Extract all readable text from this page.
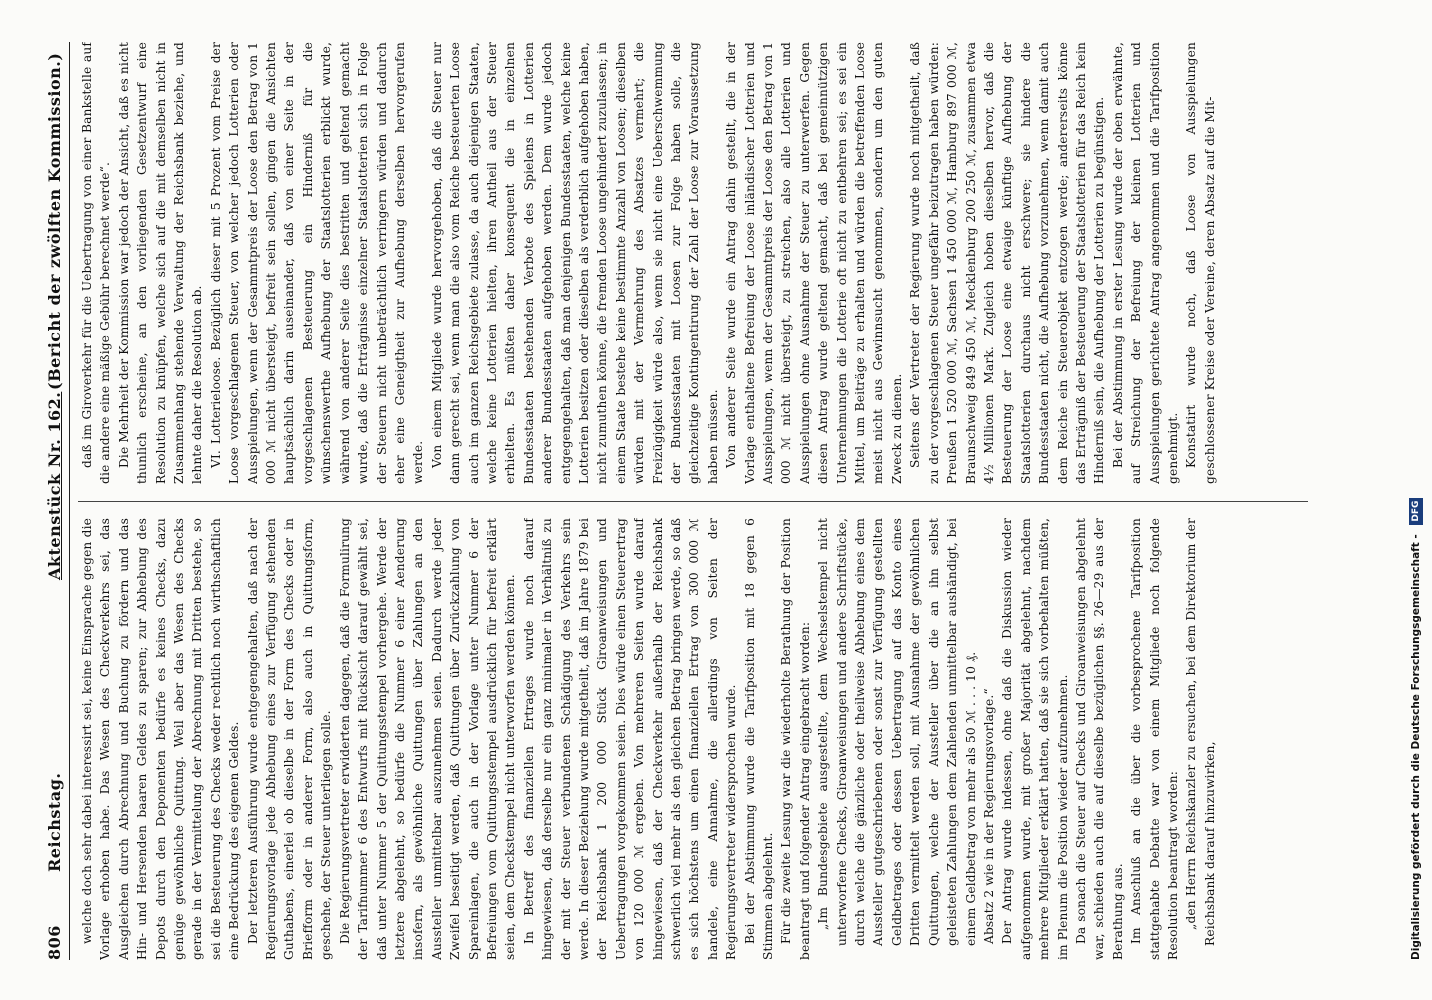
806
Reichstag.
Aktenstück Nr. 162.
(Bericht der zwölften Kommission.)

welche doch sehr dabei interessirt sei, keine Einsprache gegen die Vorlage erhoben habe. Das Wesen des Checkverkehrs sei, das Ausgleichen durch Abrechnung und Buchung zu fördern und das Hin- und Hersenden baaren Geldes zu sparen; zur Abhebung des Depots durch den Deponenten bedürfe es keines Checks, dazu genüge gewöhnliche Quittung. Weil aber das Wesen des Checks gerade in der Vermittelung der Abrechnung mit Dritten bestehe, so sei die Besteuerung des Checks weder rechtlich noch wirthschaftlich eine Bedrückung des eigenen Geldes. Der letzteren Ausführung wurde entgegengehalten, daß nach der Regierungsvorlage jede Abhebung eines zur Verfügung stehenden Guthabens, einerlei ob dieselbe in der Form des Checks oder in Briefform oder in anderer Form, also auch in Quittungsform, geschehe, der Steuer unterliegen solle. Die Regierungsvertreter erwiderten dagegen, daß die Formulirung der Tarifnummer 6 des Entwurfs mit Rücksicht darauf gewählt sei, daß unter Nummer 5 der Quittungsstempel vorhergehe. Werde der letztere abgelehnt, so bedürfe die Nummer 6 einer Aenderung insofern, als gewöhnliche Quittungen über Zahlungen an den Aussteller unmittelbar auszunehmen seien. Dadurch werde jeder Zweifel beseitigt werden, daß Quittungen über Zurückzahlung von Spareinlagen, die auch in der Vorlage unter Nummer 6 der Befreiungen vom Quittungsstempel ausdrücklich für befreit erklärt seien, dem Checkstempel nicht unterworfen werden können. In Betreff des finanziellen Ertrages wurde noch darauf hingewiesen, daß derselbe nur ein ganz minimaler in Verhältniß zu der mit der Steuer verbundenen Schädigung des Verkehrs sein werde. In dieser Beziehung wurde mitgetheilt, daß im Jahre 1879 bei der Reichsbank 1 200 000 Stück Giroanweisungen und Uebertragungen vorgekommen seien. Dies würde einen Steuerertrag von 120 000 ℳ ergeben. Von mehreren Seiten wurde darauf hingewiesen, daß der Checkverkehr außerhalb der Reichsbank schwerlich viel mehr als den gleichen Betrag bringen werde, so daß es sich höchstens um einen finanziellen Ertrag von 300 000 ℳ handele, eine Annahme, die allerdings von Seiten der Regierungsvertreter widersprochen wurde. Bei der Abstimmung wurde die Tarifposition mit 18 gegen 6 Stimmen abgelehnt. Für die zweite Lesung war die wiederholte Berathung der Position beantragt und folgender Antrag eingebracht worden: „Im Bundesgebiete ausgestellte, dem Wechselstempel nicht unterworfene Checks, Giroanweisungen und andere Schriftstücke, durch welche die gänzliche oder theilweise Abhebung eines dem Aussteller gutgeschriebenen oder sonst zur Verfügung gestellten Geldbetrages oder dessen Uebertragung auf das Konto eines Dritten vermittelt werden soll, mit Ausnahme der gewöhnlichen Quittungen, welche der Aussteller über die an ihn selbst geleisteten Zahlungen dem Zahlenden unmittelbar aushändigt, bei einem Geldbetrag von mehr als 50 ℳ . . . 10 ₰. Absatz 2 wie in der Regierungsvorlage.“ Der Antrag wurde indessen, ohne daß die Diskussion wieder aufgenommen wurde, mit großer Majorität abgelehnt, nachdem mehrere Mitglieder erklärt hatten, daß sie sich vorbehalten müßten, im Plenum die Position wieder aufzunehmen. Da sonach die Steuer auf Checks und Giroanweisungen abgelehnt war, schieden auch die auf dieselbe bezüglichen §§. 26—29 aus der Berathung aus. Im Anschluß an die über die vorbesprochene Tarifposition stattgehabte Debatte war von einem Mitgliede noch folgende Resolution beantragt worden: „den Herrn Reichskanzler zu ersuchen, bei dem Direktorium der Reichsbank darauf hinzuwirken,

daß im Giroverkehr für die Uebertragung von einer Bankstelle auf die andere eine mäßige Gebühr berechnet werde“. Die Mehrheit der Kommission war jedoch der Ansicht, daß es nicht thunlich erscheine, an den vorliegenden Gesetzentwurf eine Resolution zu knüpfen, welche sich auf die mit demselben nicht in Zusammenhang stehende Verwaltung der Reichsbank beziehe, und lehnte daher die Resolution ab. VI. Lotterieloose. Bezüglich dieser mit 5 Prozent vom Preise der Loose vorgeschlagenen Steuer, von welcher jedoch Lotterien oder Ausspielungen, wenn der Gesammtpreis der Loose den Betrag von 1 000 ℳ nicht übersteigt, befreit sein sollen, gingen die Ansichten hauptsächlich darin auseinander, daß von einer Seite in der vorgeschlagenen Besteuerung ein Hinderniß für die wünschenswerthe Aufhebung der Staatslotterien erblickt wurde, während von anderer Seite dies bestritten und geltend gemacht wurde, daß die Erträgnisse einzelner Staatslotterien sich in Folge der Steuern nicht unbeträchtlich verringern würden und dadurch eher eine Geneigtheit zur Aufhebung derselben hervorgerufen werde. Von einem Mitgliede wurde hervorgehoben, daß die Steuer nur dann gerecht sei, wenn man die also vom Reiche besteuerten Loose auch im ganzen Reichsgebiete zulasse, da auch diejenigen Staaten, welche keine Lotterien hielten, ihren Antheil aus der Steuer erhielten. Es müßten daher konsequent die in einzelnen Bundesstaaten bestehenden Verbote des Spielens in Lotterien anderer Bundesstaaten aufgehoben werden. Dem wurde jedoch entgegengehalten, daß man denjenigen Bundesstaaten, welche keine Lotterien besitzen oder dieselben als verderblich aufgehoben haben, nicht zumuthen könne, die fremden Loose ungehindert zuzulassen; in einem Staate bestehe keine bestimmte Anzahl von Loosen; dieselben würden mit der Vermehrung des Absatzes vermehrt; die Freizügigkeit würde also, wenn sie nicht eine Ueberschwemmung der Bundesstaaten mit Loosen zur Folge haben solle, die gleichzeitige Kontingentirung der Zahl der Loose zur Voraussetzung haben müssen. Von anderer Seite wurde ein Antrag dahin gestellt, die in der Vorlage enthaltene Befreiung der Loose inländischer Lotterien und Ausspielungen, wenn der Gesammtpreis der Loose den Betrag von 1 000 ℳ nicht übersteigt, zu streichen, also alle Lotterien und Ausspielungen ohne Ausnahme der Steuer zu unterwerfen. Gegen diesen Antrag wurde geltend gemacht, daß bei gemeinnützigen Unternehmungen die Lotterie oft nicht zu entbehren sei; es sei ein Mittel, um Beiträge zu erhalten und würden die betreffenden Loose meist nicht aus Gewinnsucht genommen, sondern um den guten Zweck zu dienen. Seitens der Vertreter der Regierung wurde noch mitgetheilt, daß zu der vorgeschlagenen Steuer ungefähr beizutragen haben würden: Preußen 1 520 000 ℳ, Sachsen 1 450 000 ℳ, Hamburg 897 000 ℳ, Braunschweig 849 450 ℳ, Mecklenburg 200 250 ℳ, zusammen etwa 4½ Millionen Mark. Zugleich hoben dieselben hervor, daß die Besteuerung der Loose eine etwaige künftige Aufhebung der Staatslotterien durchaus nicht erschwere; sie hindere die Bundesstaaten nicht, die Aufhebung vorzunehmen, wenn damit auch dem Reiche ein Steuerobjekt entzogen werde; andererseits könne das Erträgniß der Besteuerung der Staatslotterien für das Reich kein Hinderniß sein, die Aufhebung der Lotterien zu begünstigen. Bei der Abstimmung in erster Lesung wurde der oben erwähnte, auf Streichung der Befreiung der kleinen Lotterien und Ausspielungen gerichtete Antrag angenommen und die Tarifposition genehmigt. Konstatirt wurde noch, daß Loose von Ausspielungen geschlossener Kreise oder Vereine, deren Absatz auf die Mit-

Digitalisierung gefördert durch die Deutsche Forschungsgemeinschaft - DFG
